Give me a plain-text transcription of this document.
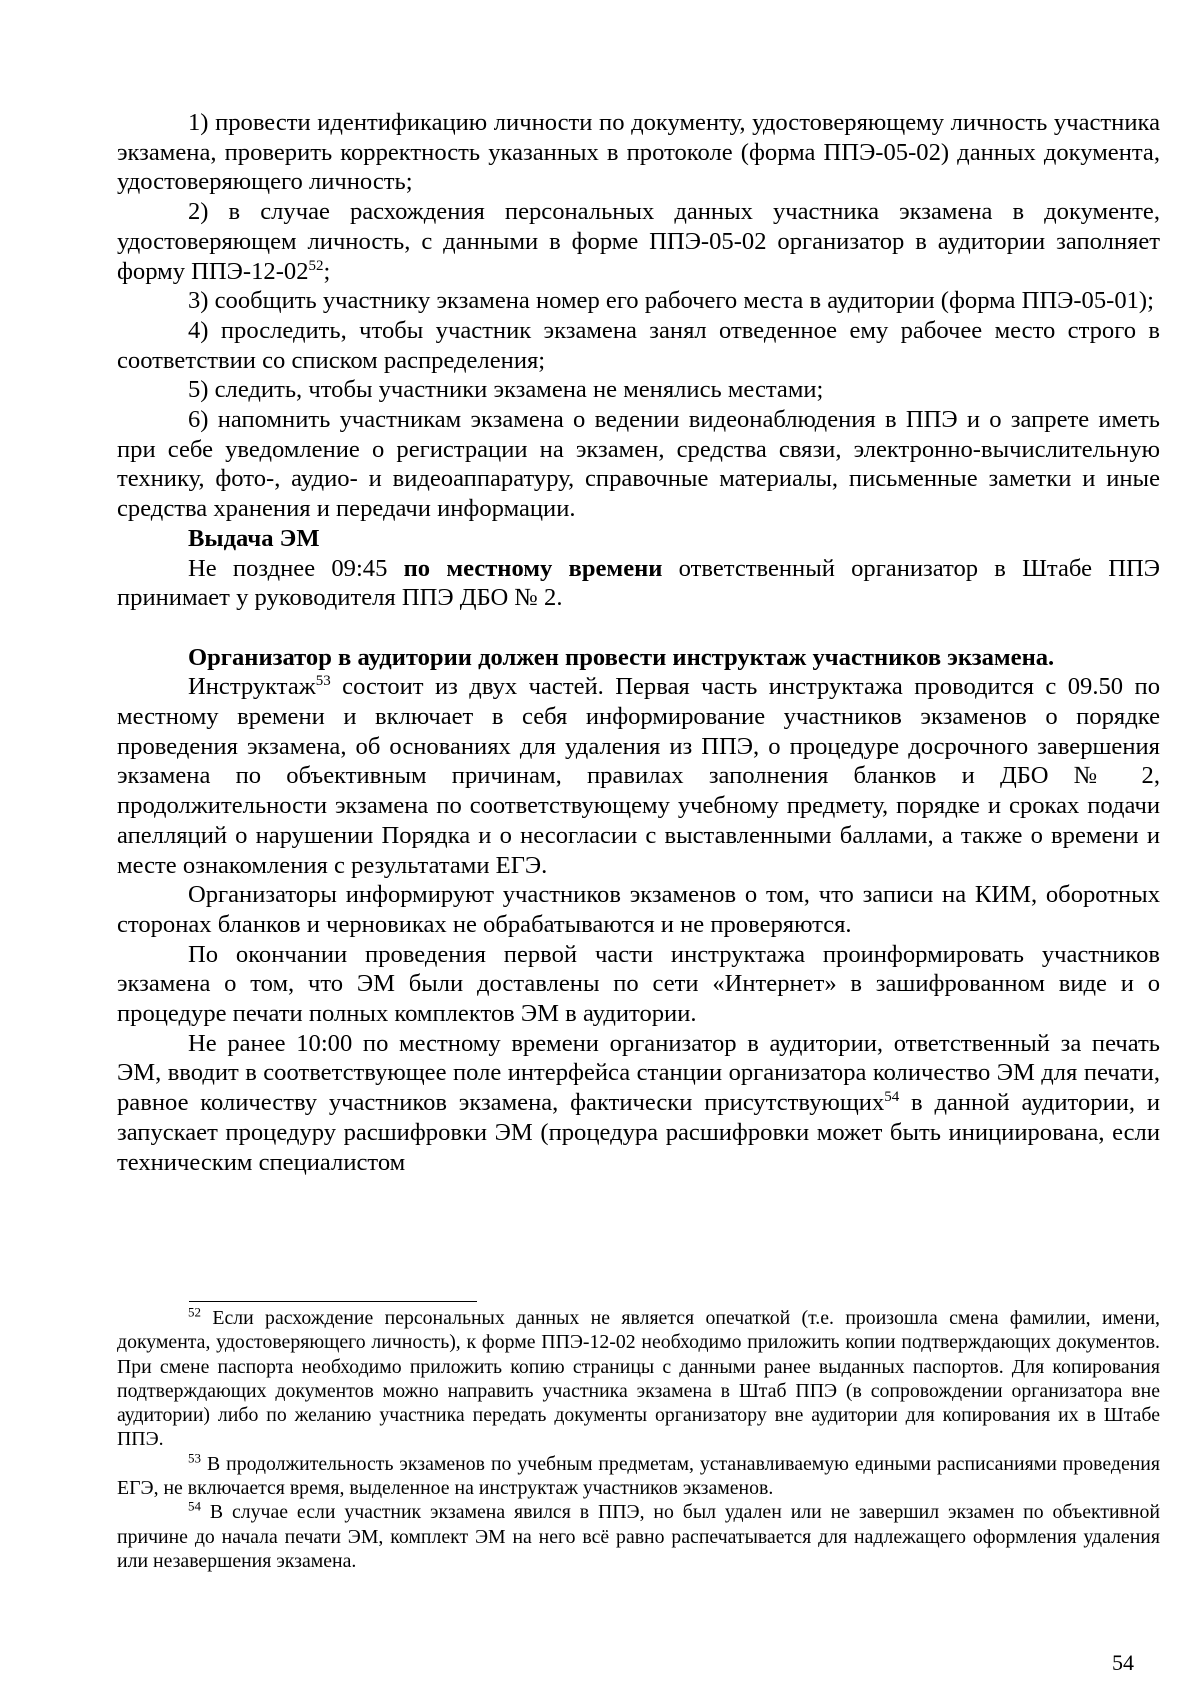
1) провести идентификацию личности по документу, удостоверяющему личность участника экзамена, проверить корректность указанных в протоколе (форма ППЭ-05-02) данных документа, удостоверяющего личность;

2) в случае расхождения персональных данных участника экзамена в документе, удостоверяющем личность, с данными в форме ППЭ-05-02 организатор в аудитории заполняет форму ППЭ-$12-02^{52}$;

3) сообщить участнику экзамена номер его рабочего места в аудитории (форма ППЭ-05-01);

4) проследить, чтобы участник экзамена занял отведенное ему рабочее место строго в соответствии со списком распределения;

5) следить, чтобы участники экзамена не менялись местами;

6) напомнить участникам экзамена о ведении видеонаблюдения в ППЭ и о запрете иметь при себе уведомление о регистрации на экзамен, средства связи, электронно-вычислительную технику, фото-, аудио- и видеоаппаратуру, справочные материалы, письменные заметки и иные средства хранения и передачи информации.

Выдача ЭМ

Не позднее 09:45 по местному времени ответственный организатор в Штабе ППЭ принимает у руководителя ППЭ ДБО № 2.

Организатор в аудитории должен провести инструктаж участников экзамена.

Инструктаж$^{53}$ состоит из двух частей. Первая часть инструктажа проводится с 09.50 по местному времени и включает в себя информирование участников экзаменов о порядке проведения экзамена, об основаниях для удаления из ППЭ, о процедуре досрочного завершения экзамена по объективным причинам, правилах заполнения бланков и ДБО № 2, продолжительности экзамена по соответствующему учебному предмету, порядке и сроках подачи апелляций о нарушении Порядка и о несогласии с выставленными баллами, а также о времени и месте ознакомления с результатами ЕГЭ.

Организаторы информируют участников экзаменов о том, что записи на КИМ, оборотных сторонах бланков и черновиках не обрабатываются и не проверяются.

По окончании проведения первой части инструктажа проинформировать участников экзамена о том, что ЭМ были доставлены по сети «Интернет» в зашифрованном виде и о процедуре печати полных комплектов ЭМ в аудитории.

Не ранее 10:00 по местному времени организатор в аудитории, ответственный за печать ЭМ, вводит в соответствующее поле интерфейса станции организатора количество ЭМ для печати, равное количеству участников экзамена, фактически присутствующих$^{54}$ в данной аудитории, и запускает процедуру расшифровки ЭМ (процедура расшифровки может быть инициирована, если техническим специалистом

$^{52}$ Если расхождение персональных данных не является опечаткой (т.е. произошла смена фамилии, имени, документа, удостоверяющего личность), к форме ППЭ-12-02 необходимо приложить копии подтверждающих документов. При смене паспорта необходимо приложить копию страницы с данными ранее выданных паспортов. Для копирования подтверждающих документов можно направить участника экзамена в Штаб ППЭ (в сопровождении организатора вне аудитории) либо по желанию участника передать документы организатору вне аудитории для копирования их в Штабе ППЭ.

$^{53}$ В продолжительность экзаменов по учебным предметам, устанавливаемую едиными расписаниями проведения ЕГЭ, не включается время, выделенное на инструктаж участников экзаменов.

$^{54}$ В случае если участник экзамена явился в ППЭ, но был удален или не завершил экзамен по объективной причине до начала печати ЭМ, комплект ЭМ на него всё равно распечатывается для надлежащего оформления удаления или незавершения экзамена.

54
